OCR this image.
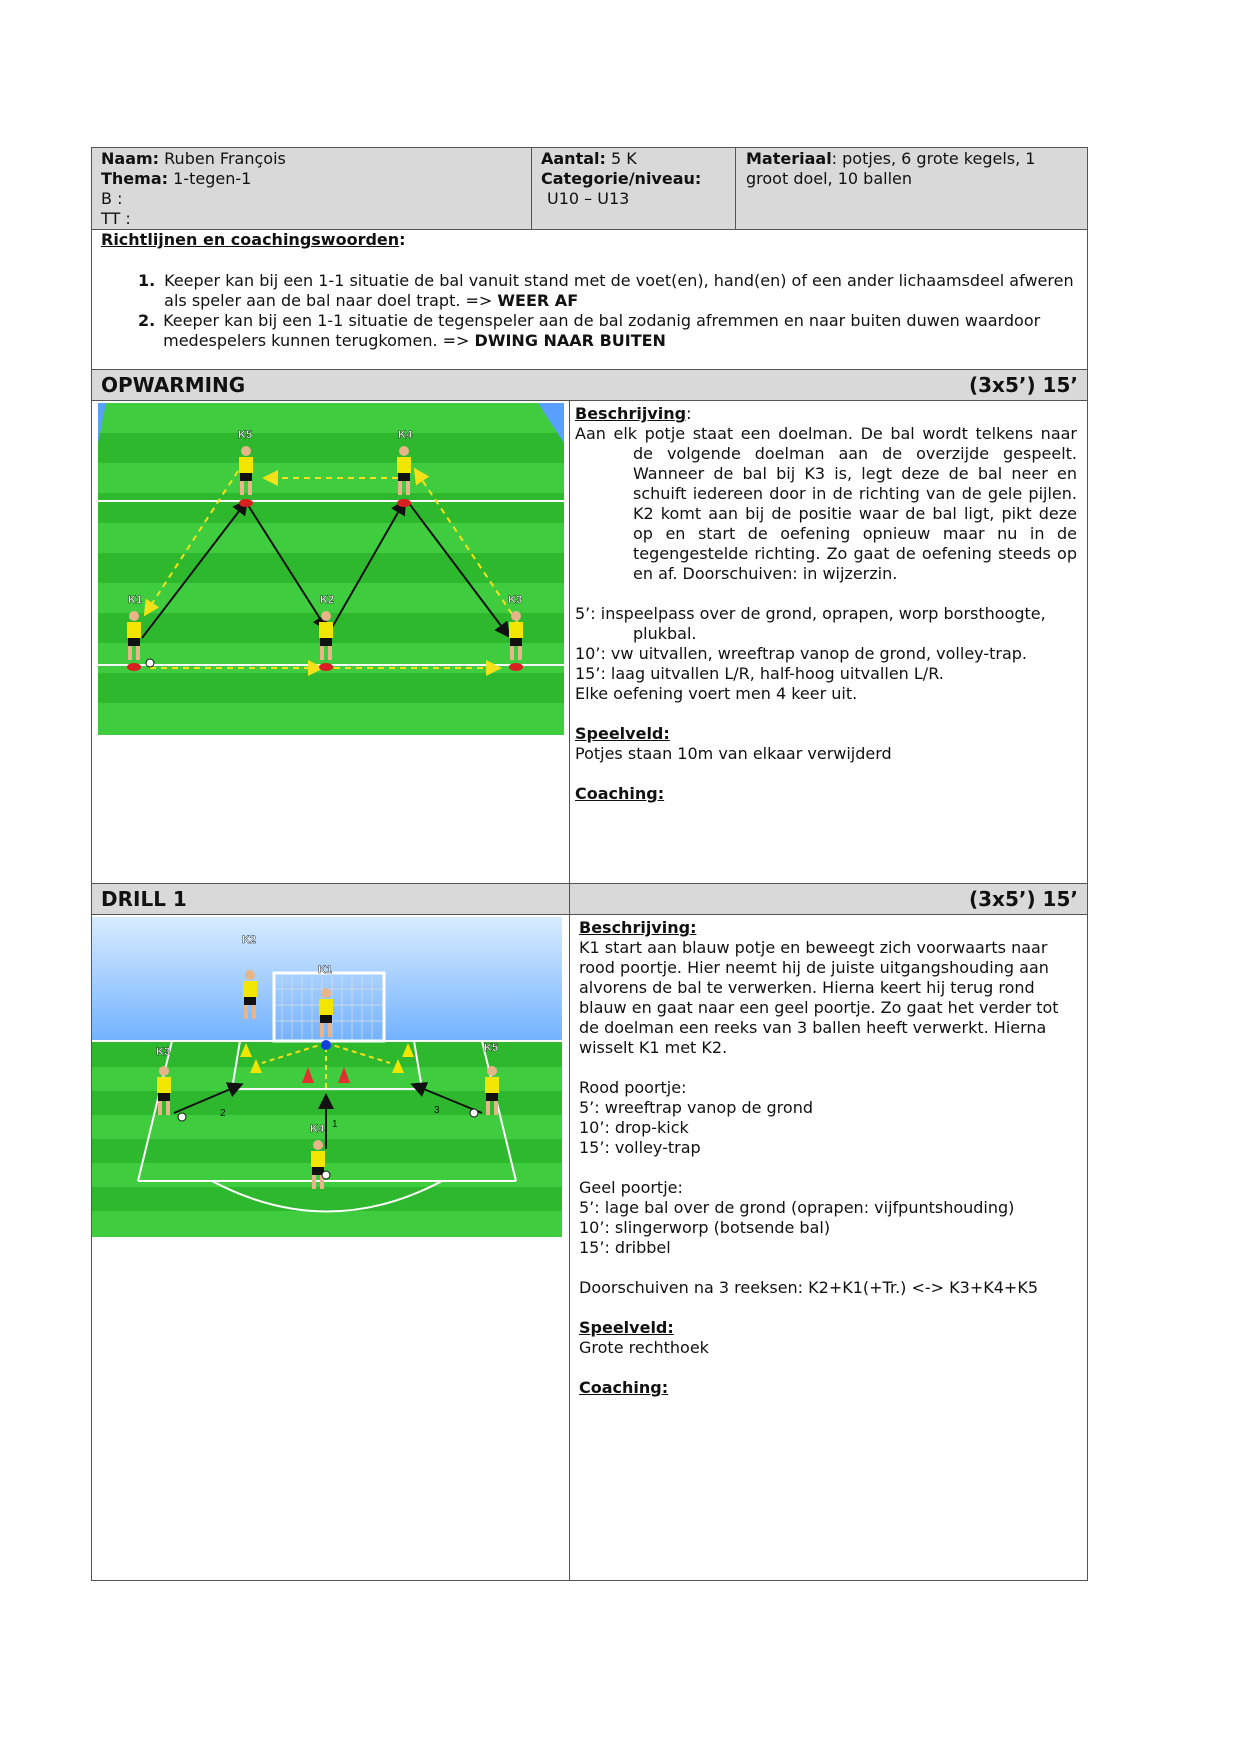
Naam: Ruben François
Thema: 1-tegen-1
B :
TT :
Aantal: 5 K
Categorie/niveau:
U10 – U13
Materiaal: potjes, 6 grote kegels, 1 groot doel, 10 ballen
Richtlijnen en coachingswoorden:
1. Keeper kan bij een 1-1 situatie de bal vanuit stand met de voet(en), hand(en) of een ander lichaamsdeel afweren als speler aan de bal naar doel trapt. => WEER AF
2. Keeper kan bij een 1-1 situatie de tegenspeler aan de bal zodanig afremmen en naar buiten duwen waardoor medespelers kunnen terugkomen. => DWING NAAR BUITEN
OPWARMING	(3x5’) 15’
K5	K4
K1	K2	K3

Beschrijving:

Aan elk potje staat een doelman. De bal wordt telkens naar de volgende doelman aan de overzijde gespeelt. Wanneer de bal bij K3 is, legt deze de bal neer en schuift iedereen door in de richting van de gele pijlen. K2 komt aan bij de positie waar de bal ligt, pikt deze op en start de oefening opnieuw maar nu in de tegengestelde richting. Zo gaat de oefening steeds op en af. Doorschuiven: in wijzerzin.

5’: inspeelpass over de grond, oprapen, worp borsthoogte, plukbal.

10’: vw uitvallen, wreeftrap vanop de grond, volley-trap.

15’: laag uitvallen L/R, half-hoog uitvallen L/R.

Elke oefening voert men 4 keer uit.

Speelveld:

Potjes staan 10m van elkaar verwijderd

Coaching:

DRILL 1	(3x5’) 15’
K2
K1
K3	K5
K4 1
2	3

Beschrijving:

K1 start aan blauw potje en beweegt zich voorwaarts naar rood poortje. Hier neemt hij de juiste uitgangshouding aan alvorens de bal te verwerken. Hierna keert hij terug rond blauw en gaat naar een geel poortje. Zo gaat het verder tot de doelman een reeks van 3 ballen heeft verwerkt. Hierna wisselt K1 met K2.

Rood poortje:

5’: wreeftrap vanop de grond

10’: drop-kick

15’: volley-trap

Geel poortje:

5’: lage bal over de grond (oprapen: vijfpuntshouding)

10’: slingerworp (botsende bal)

15’: dribbel

Doorschuiven na 3 reeksen: K2+K1(+Tr.) <-> K3+K4+K5

Speelveld:

Grote rechthoek

Coaching:
